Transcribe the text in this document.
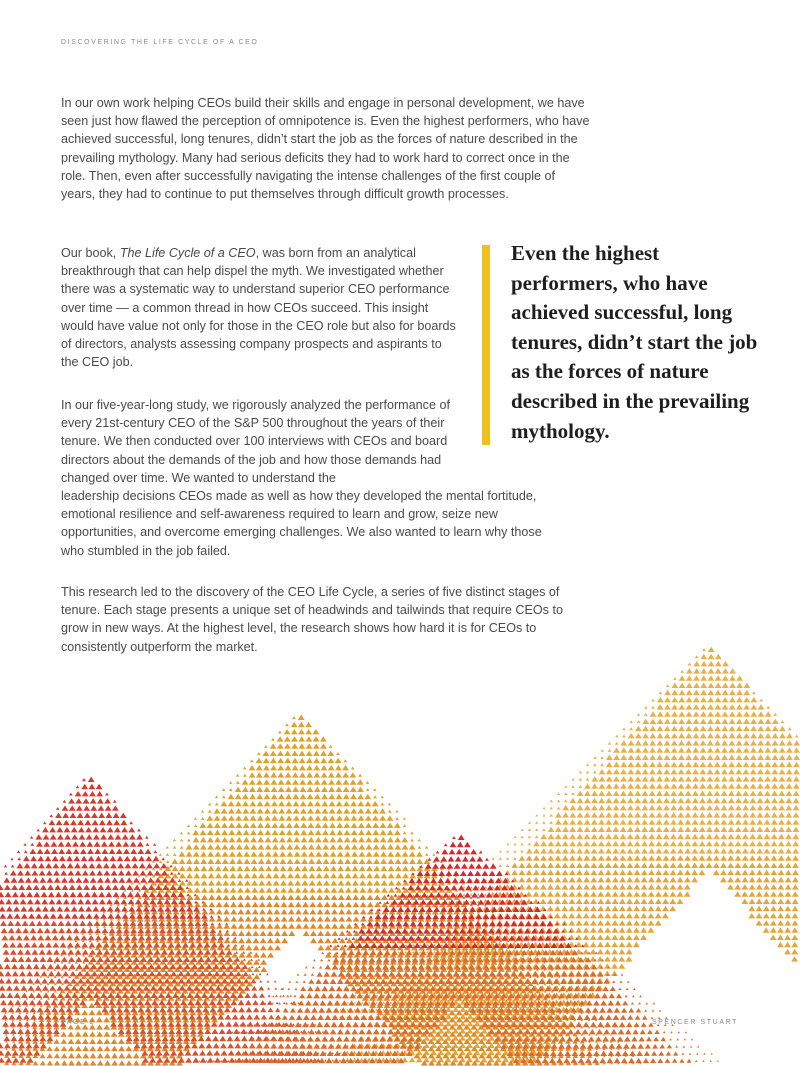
DISCOVERING THE LIFE CYCLE OF A CEO

In our own work helping CEOs build their skills and engage in personal development, we have seen just how flawed the perception of omnipotence is. Even the highest performers, who have achieved successful, long tenures, didn’t start the job as the forces of nature described in the prevailing mythology. Many had serious deficits they had to work hard to correct once in the role. Then, even after successfully navigating the intense challenges of the first couple of years, they had to continue to put themselves through difficult growth processes.

Our book, The Life Cycle of a CEO, was born from an analytical breakthrough that can help dispel the myth. We investigated whether there was a systematic way to understand superior CEO performance over time — a common thread in how CEOs succeed. This insight would have value not only for those in the CEO role but also for boards of directors, analysts assessing company prospects and aspirants to the CEO job.

In our five-year-long study, we rigorously analyzed the performance of every 21st-century CEO of the S&P 500 throughout the years of their tenure. We then conducted over 100 interviews with CEOs and board directors about the demands of the job and how those demands had changed over time. We wanted to understand the
leadership decisions CEOs made as well as how they developed the mental fortitude, emotional resilience and self-awareness required to learn and grow, seize new opportunities, and overcome emerging challenges. We also wanted to learn why those who stumbled in the job failed.

This research led to the discovery of the CEO Life Cycle, a series of five distinct stages of tenure. Each stage presents a unique set of headwinds and tailwinds that require CEOs to grow in new ways. At the highest level, the research shows how hard it is for CEOs to consistently outperform the market.

Even the highest performers, who have achieved successful, long tenures, didn’t start the job as the forces of nature described in the prevailing mythology.

PAGE 2	SPENCER STUART
